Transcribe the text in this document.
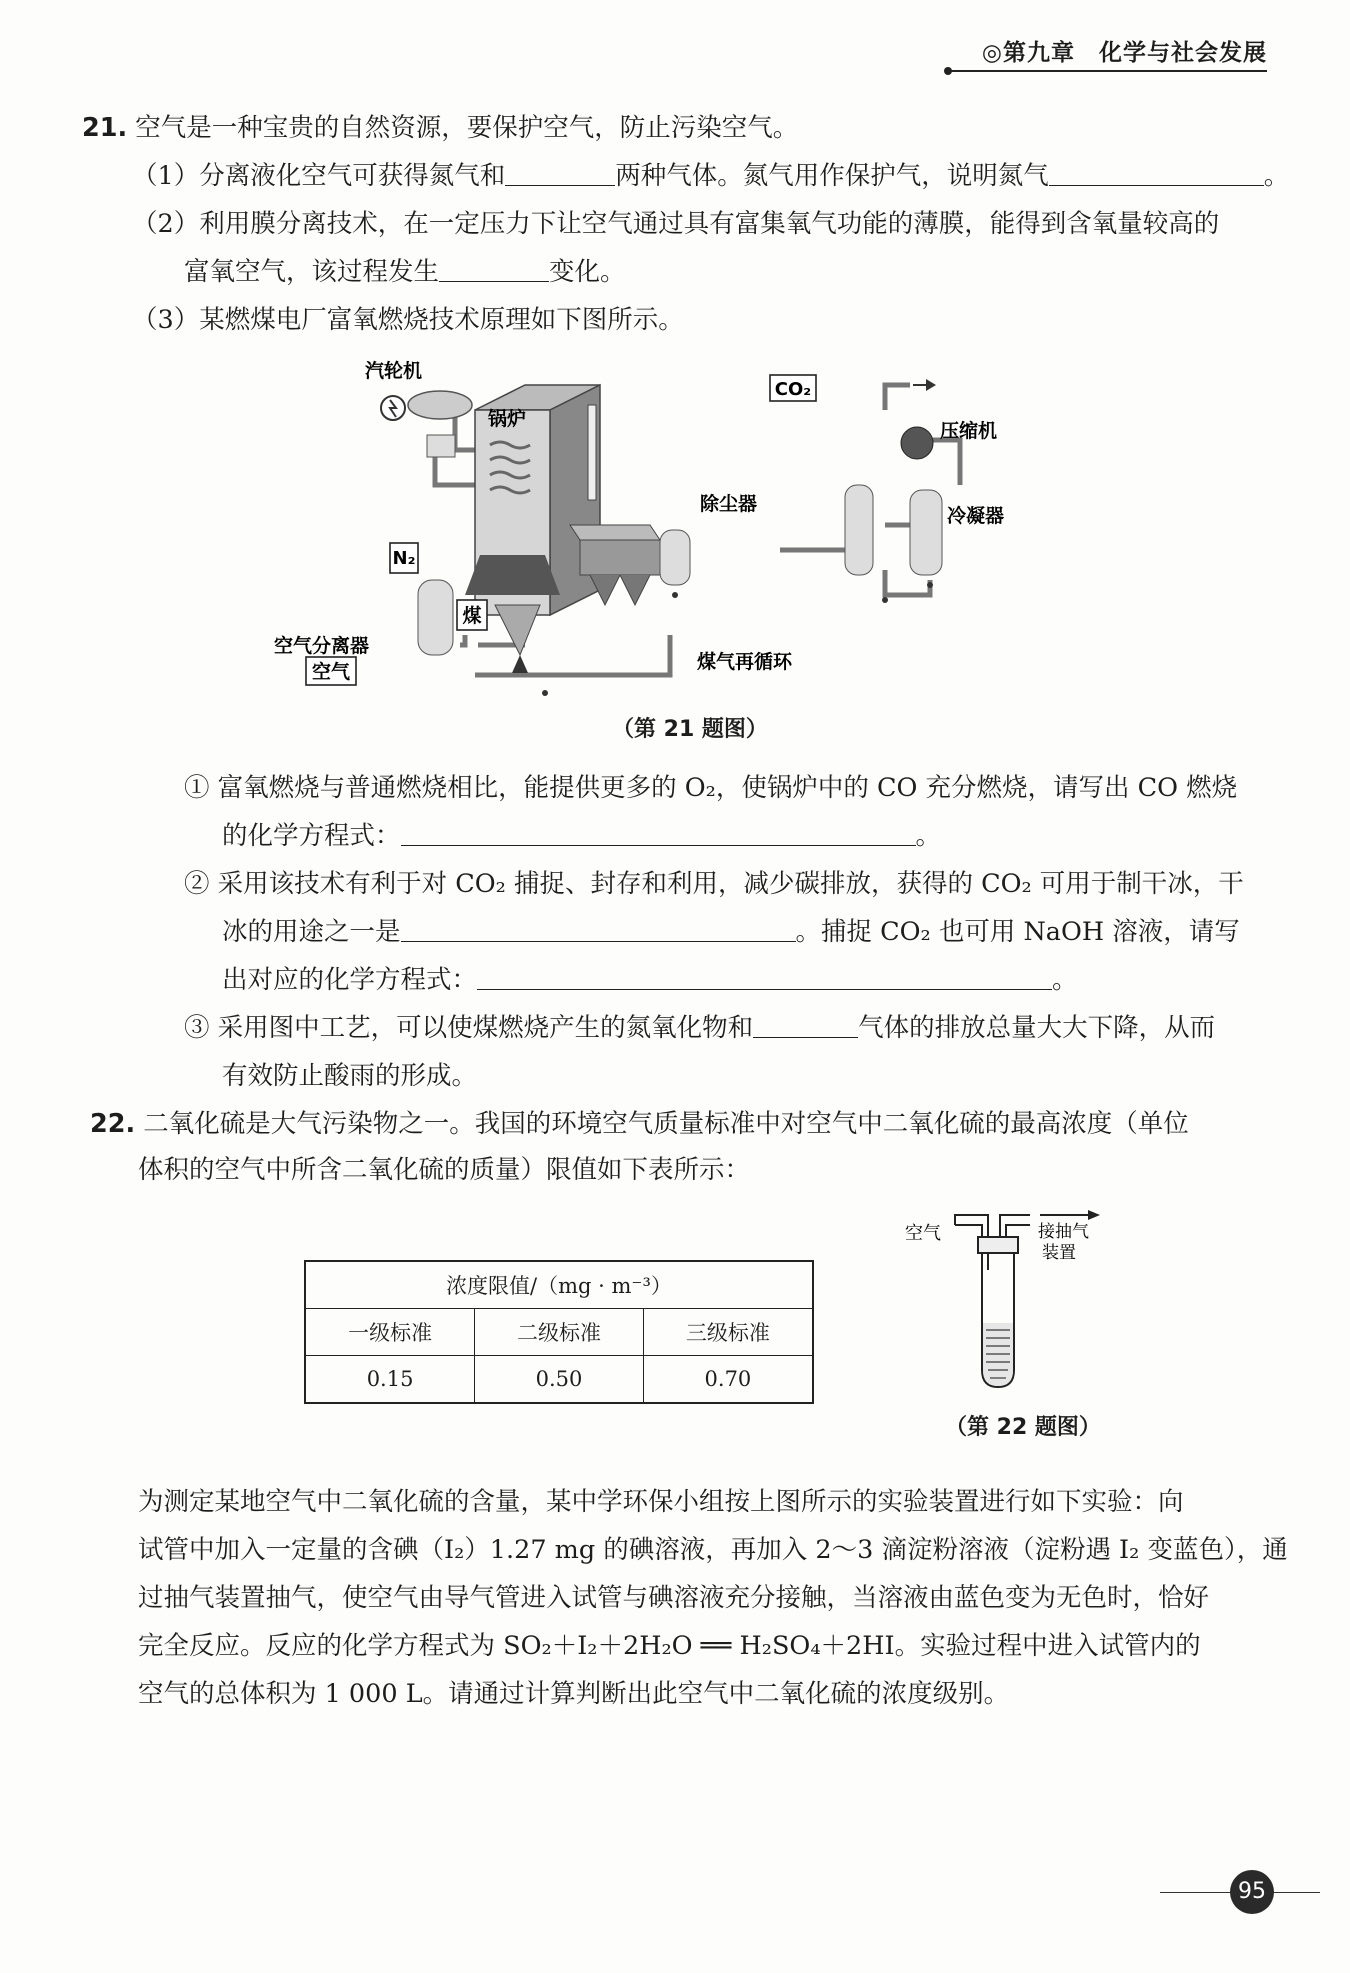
◎第九章　化学与社会发展
21. 空气是一种宝贵的自然资源，要保护空气，防止污染空气。
（1）分离液化空气可获得氮气和	两种气体。氮气用作保护气，说明氮气	。
（2）利用膜分离技术，在一定压力下让空气通过具有富集氧气功能的薄膜，能得到含氧量较高的
富氧空气，该过程发生	变化。
（3）某燃煤电厂富氧燃烧技术原理如下图所示。
CO₂
N₂
煤
空气
汽轮机
锅炉
压缩机
除尘器
冷凝器
空气分离器
煤气再循环
（第 21 题图）
① 富氧燃烧与普通燃烧相比，能提供更多的 O₂，使锅炉中的 CO 充分燃烧，请写出 CO 燃烧
的化学方程式：	。
② 采用该技术有利于对 CO₂ 捕捉、封存和利用，减少碳排放，获得的 CO₂ 可用于制干冰，干
冰的用途之一是	。捕捉 CO₂ 也可用 NaOH 溶液，请写
出对应的化学方程式：	。
③ 采用图中工艺，可以使煤燃烧产生的氮氧化物和	气体的排放总量大大下降，从而
有效防止酸雨的形成。
22. 二氧化硫是大气污染物之一。我国的环境空气质量标准中对空气中二氧化硫的最高浓度（单位
体积的空气中所含二氧化硫的质量）限值如下表所示：
浓度限值/（mg · m⁻³）		
一级标准	二级标准	三级标准
0.15	0.50	0.70
空气	接抽气
装置
（第 22 题图）
为测定某地空气中二氧化硫的含量，某中学环保小组按上图所示的实验装置进行如下实验：向
试管中加入一定量的含碘（I₂）1.27 mg 的碘溶液，再加入 2～3 滴淀粉溶液（淀粉遇 I₂ 变蓝色），通
过抽气装置抽气，使空气由导气管进入试管与碘溶液充分接触，当溶液由蓝色变为无色时，恰好
完全反应。反应的化学方程式为 SO₂＋I₂＋2H₂O ══ H₂SO₄＋2HI。实验过程中进入试管内的
空气的总体积为 1 000 L。请通过计算判断出此空气中二氧化硫的浓度级别。
95
